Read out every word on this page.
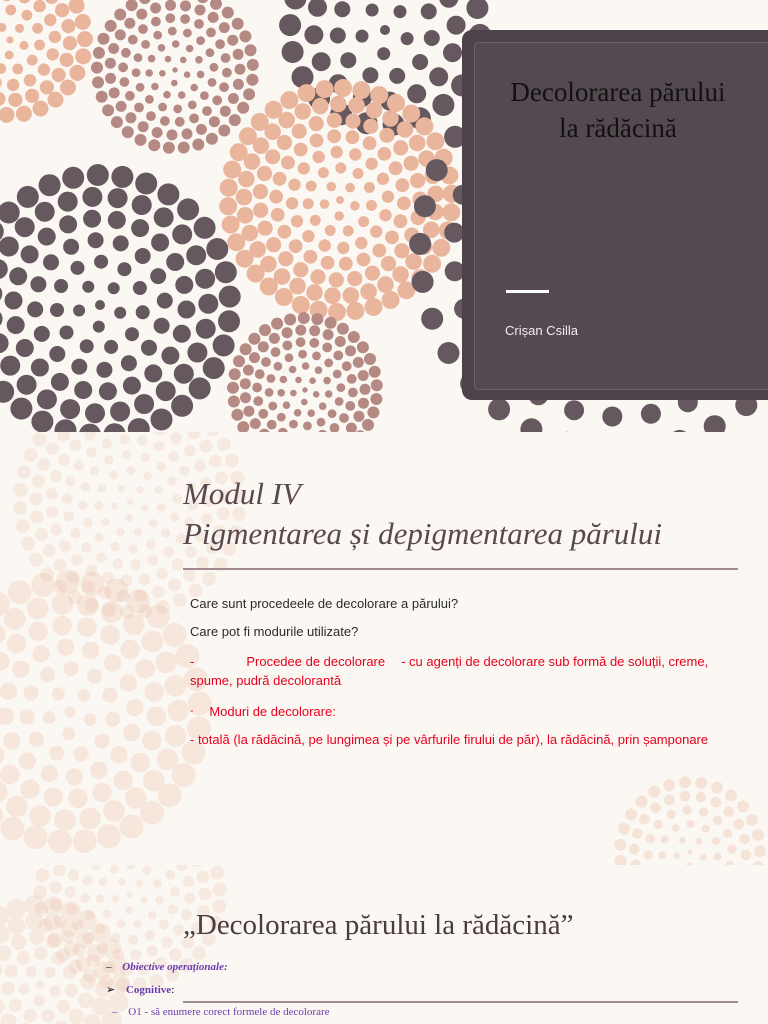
Decolorarea părului la rădăcină
Crișan Csilla
Modul IV
Pigmentarea și depigmentarea părului
Care sunt procedeele de decolorare a părului?
Care pot fi modurile utilizate?
-	Procedee de decolorare - cu agenți de decolorare sub formă de soluții, creme, spume, pudră decolorantă
- Moduri de decolorare:
- totală (la rădăcină, pe lungimea și pe vârfurile firului de păr), la rădăcină, prin șamponare
„Decolorarea părului la rădăcină”
– Obiective operaționale:
➢ Cognitive:
– O1 - să enumere corect formele de decolorare
